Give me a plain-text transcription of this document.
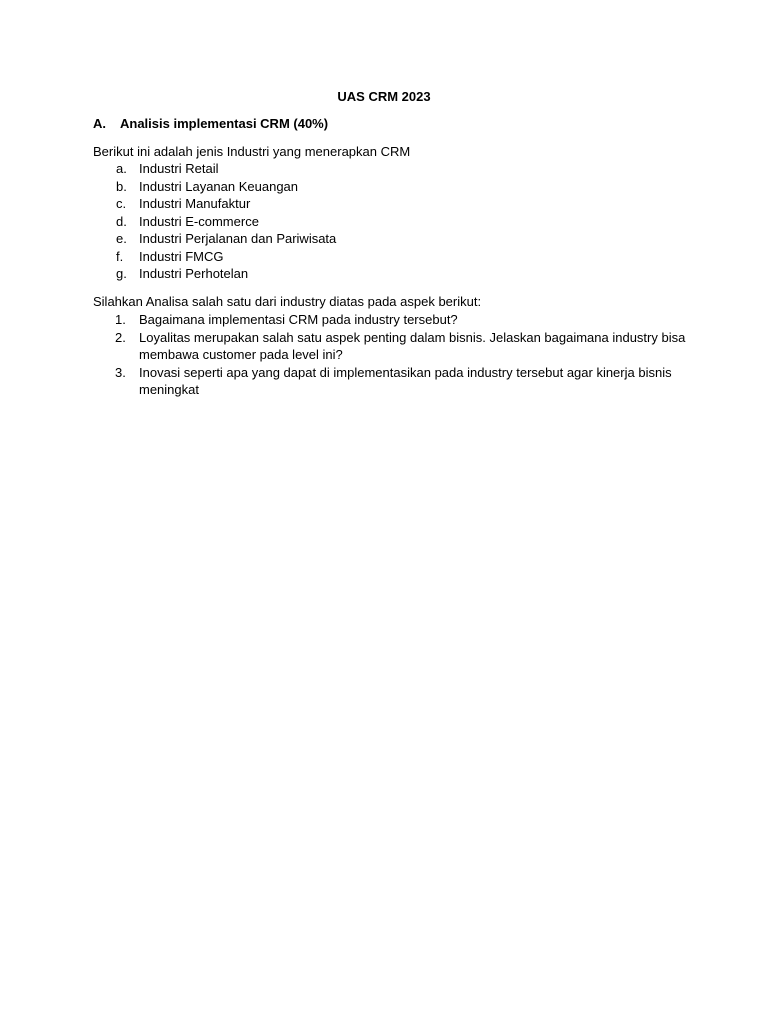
UAS CRM 2023
A. Analisis implementasi CRM (40%)
Berikut ini adalah jenis Industri yang menerapkan CRM
a. Industri Retail
b. Industri Layanan Keuangan
c. Industri Manufaktur
d. Industri E-commerce
e. Industri Perjalanan dan Pariwisata
f. Industri FMCG
g. Industri Perhotelan
Silahkan Analisa salah satu dari industry diatas pada aspek berikut:
1. Bagaimana implementasi CRM pada industry tersebut?
2. Loyalitas merupakan salah satu aspek penting dalam bisnis. Jelaskan bagaimana industry bisa membawa customer pada level ini?
3. Inovasi seperti apa yang dapat di implementasikan pada industry tersebut agar kinerja bisnis meningkat
